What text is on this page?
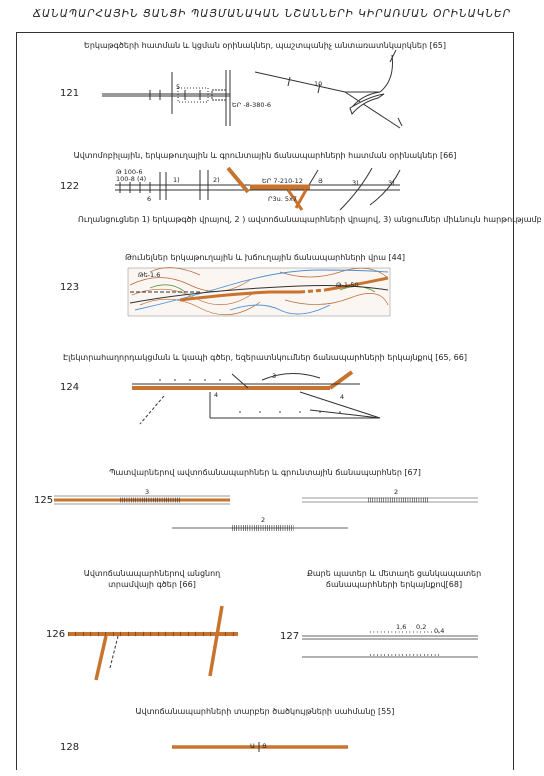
ՃԱՆԱՊԱՐՀԱՅԻՆ ՑԱՆՑԻ ՊԱՅՄԱՆԱԿԱՆ ՆՇԱՆՆԵՐԻ ԿԻՐԱՌՄԱՆ ՕՐԻՆԱԿՆԵՐ
Երկաթգծերի հատման և կցման օրինակներ, պաշտպանիչ անտառատնկարկներ [65]
121
5	10
ԵՐ -8-380-6
Ավտոմոբիլային, երկաթուղային և գրունտային ճանապարհների հատման օրինակներ [66]
122
1)	2)	3)	3)
ԵՐ 7-210-12 Յ
Ր3ս. 5x7
6
Թ 100-6
100-8 (4)
Ուղանցուցներ 1) երկաթգծի վրայով, 2 ) ավտոճանապարհների վրայով, 3) անցումներ միևնույն հարթությամբ
Թունելներ երկաթուղային և խճուղային ճանապարհների վրա [44]
123
Թե-1.6
Թ-1-50
Էլեկտրահաղորդակցման և կապի գծեր, եզերատնկումներ ճանապարհների երկայնքով [65, 66]
124
3
4
4
Պատվարներով ավտոճանապարհներ և գրունտային ճանապարհներ [67]
125
3	2
2
Ավտոճանապարհներով անցնող
տրամվայի գծեր [66]
126
Քարե պատեր և մետաղե ցանկապատեր
ճանապարհների երկայնքով[68]
127
1,6 0,2 0,4
Ավտոճանապարհների տարբեր ծածկույթների սահմանը [55]
128	Ա Ց
